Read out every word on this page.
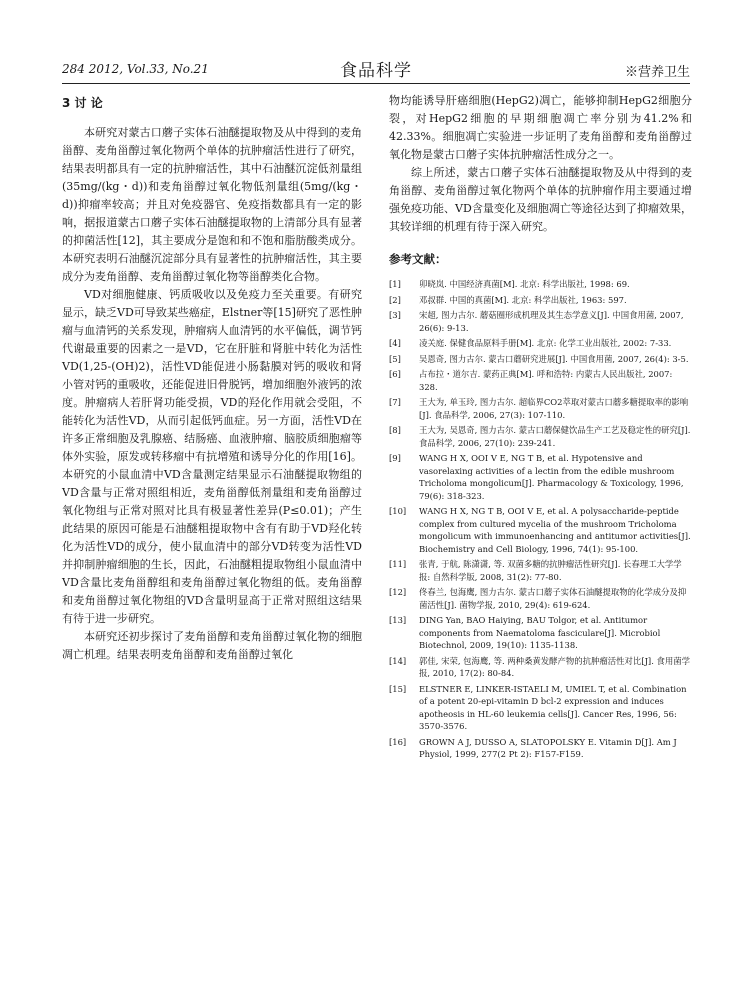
284 2012, Vol.33, No.21	食品科学	※营养卫生
3 讨 论

本研究对蒙古口蘑子实体石油醚提取物及从中得到的麦角甾醇、麦角甾醇过氧化物两个单体的抗肿瘤活性进行了研究，结果表明都具有一定的抗肿瘤活性，其中石油醚沉淀低剂量组(35mg/(kg・d))和麦角甾醇过氧化物低剂量组(5mg/(kg・d))抑瘤率较高；并且对免疫器官、免疫指数都具有一定的影响，据报道蒙古口蘑子实体石油醚提取物的上清部分具有显著的抑菌活性[12]，其主要成分是饱和和不饱和脂肪酸类成分。本研究表明石油醚沉淀部分具有显著性的抗肿瘤活性，其主要成分为麦角甾醇、麦角甾醇过氧化物等甾醇类化合物。

VD对细胞健康、钙质吸收以及免疫力至关重要。有研究显示，缺乏VD可导致某些癌症，Elstner等[15]研究了恶性肿瘤与血清钙的关系发现，肿瘤病人血清钙的水平偏低，调节钙代谢最重要的因素之一是VD，它在肝脏和肾脏中转化为活性VD(1,25-(OH)2)，活性VD能促进小肠黏膜对钙的吸收和肾小管对钙的重吸收，还能促进旧骨脱钙，增加细胞外液钙的浓度。肿瘤病人若肝肾功能受损，VD的羟化作用就会受阻，不能转化为活性VD，从而引起低钙血症。另一方面，活性VD在许多正常细胞及乳腺癌、结肠癌、血液肿瘤、脑胶质细胞瘤等体外实验，原发或转移瘤中有抗增殖和诱导分化的作用[16]。本研究的小鼠血清中VD含量测定结果显示石油醚提取物组的VD含量与正常对照组相近，麦角甾醇低剂量组和麦角甾醇过氧化物组与正常对照对比具有极显著性差异(P≤0.01)；产生此结果的原因可能是石油醚粗提取物中含有有助于VD羟化转化为活性VD的成分，使小鼠血清中的部分VD转变为活性VD并抑制肿瘤细胞的生长，因此，石油醚粗提取物组小鼠血清中VD含量比麦角甾醇组和麦角甾醇过氧化物组的低。麦角甾醇和麦角甾醇过氧化物组的VD含量明显高于正常对照组这结果有待于进一步研究。

本研究还初步探讨了麦角甾醇和麦角甾醇过氧化物的细胞凋亡机理。结果表明麦角甾醇和麦角甾醇过氧化

物均能诱导肝癌细胞(HepG2)凋亡，能够抑制HepG2细胞分裂，对HepG2细胞的早期细胞凋亡率分别为41.2%和42.33%。细胞凋亡实验进一步证明了麦角甾醇和麦角甾醇过氧化物是蒙古口蘑子实体抗肿瘤活性成分之一。

综上所述，蒙古口蘑子实体石油醚提取物及从中得到的麦角甾醇、麦角甾醇过氧化物两个单体的抗肿瘤作用主要通过增强免疫功能、VD含量变化及细胞凋亡等途径达到了抑瘤效果，其较详细的机理有待于深入研究。

参考文献：
[1] 卯晓岚. 中国经济真菌[M]. 北京: 科学出版社, 1998: 69.
[2] 邓叔群. 中国的真菌[M]. 北京: 科学出版社, 1963: 597.
[3] 宋超, 图力古尔. 蘑菇圈形成机理及其生态学意义[J]. 中国食用菌, 2007, 26(6): 9-13.
[4] 凌关庭. 保健食品原料手册[M]. 北京: 化学工业出版社, 2002: 7-33.
[5] 吴恩奇, 图力古尔. 蒙古口蘑研究进展[J]. 中国食用菌, 2007, 26(4): 3-5.
[6] 占布拉・道尔吉. 蒙药正典[M]. 呼和浩特: 内蒙古人民出版社, 2007: 328.
[7] 王大为, 单玉玲, 图力古尔. 超临界CO2萃取对蒙古口蘑多糖提取率的影响[J]. 食品科学, 2006, 27(3): 107-110.
[8] 王大为, 吴恩奇, 图力古尔. 蒙古口蘑保健饮品生产工艺及稳定性的研究[J]. 食品科学, 2006, 27(10): 239-241.
[9] WANG H X, OOI V E, NG T B, et al. Hypotensive and vasorelaxing activities of a lectin from the edible mushroom Tricholoma mongolicum[J]. Pharmacology & Toxicology, 1996, 79(6): 318-323.
[10] WANG H X, NG T B, OOI V E, et al. A polysaccharide-peptide complex from cultured mycelia of the mushroom Tricholoma mongolicum with immunoenhancing and antitumor activities[J]. Biochemistry and Cell Biology, 1996, 74(1): 95-100.
[11] 张青, 于航, 陈潇潇, 等. 双菌多糖的抗肿瘤活性研究[J]. 长春理工大学学报: 自然科学版, 2008, 31(2): 77-80.
[12] 佟春兰, 包海鹰, 图力古尔. 蒙古口蘑子实体石油醚提取物的化学成分及抑菌活性[J]. 菌物学报, 2010, 29(4): 619-624.
[13] DING Yan, BAO Haiying, BAU Tolgor, et al. Antitumor components from Naematoloma fasciculare[J]. Microbiol Biotechnol, 2009, 19(10): 1135-1138.
[14] 郭佳, 宋荣, 包海鹰, 等. 两种桑黄发酵产物的抗肿瘤活性对比[J]. 食用菌学报, 2010, 17(2): 80-84.
[15] ELSTNER E, LINKER-ISTAELI M, UMIEL T, et al. Combination of a potent 20-epi-vitamin D bcl-2 expression and induces apotheosis in HL-60 leukemia cells[J]. Cancer Res, 1996, 56: 3570-3576.
[16] GROWN A J, DUSSO A, SLATOPOLSKY E. Vitamin D[J]. Am J Physiol, 1999, 277(2 Pt 2): F157-F159.
